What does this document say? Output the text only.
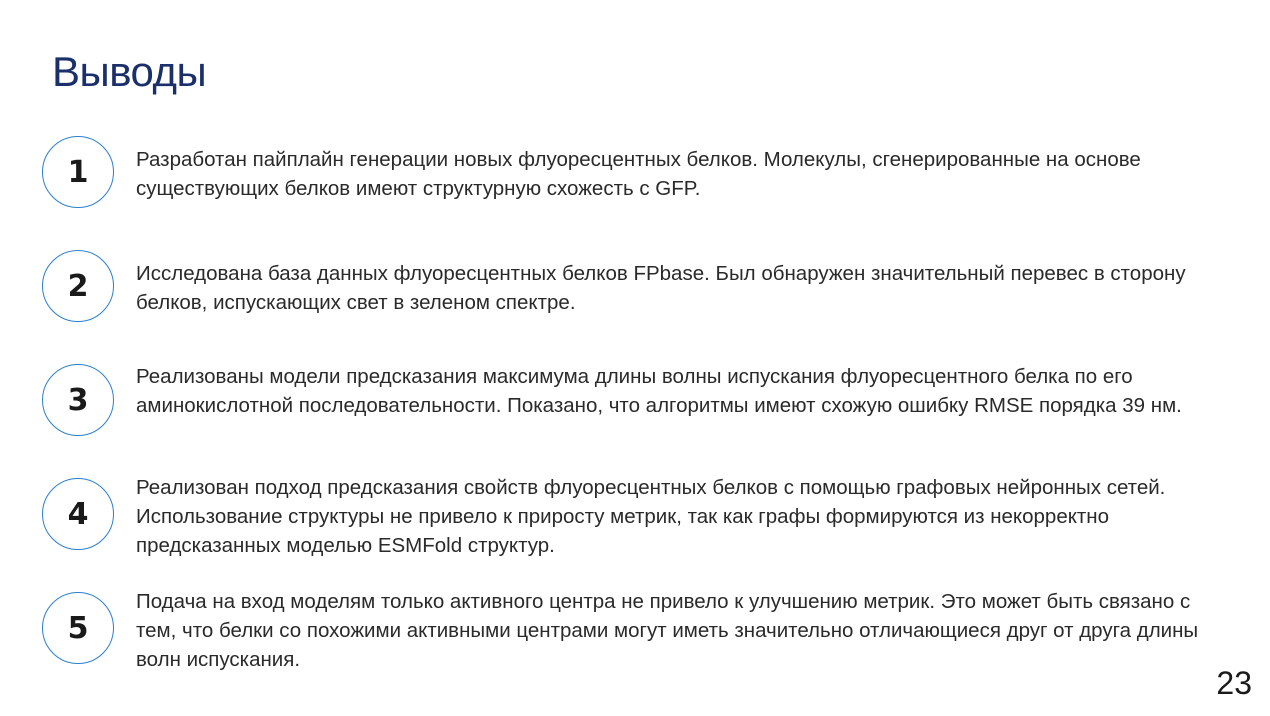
Выводы
1	Разработан пайплайн генерации новых флуоресцентных белков. Молекулы, сгенерированные на основе существующих белков имеют структурную схожесть с GFP.

2	Исследована база данных флуоресцентных белков FPbase. Был обнаружен значительный перевес в сторону белков, испускающих свет в зеленом спектре.

3

Реализованы модели предсказания максимума длины волны испускания флуоресцентного белка по его аминокислотной последовательности. Показано, что алгоритмы имеют схожую ошибку RMSE порядка 39 нм.

4

Реализован подход предсказания свойств флуоресцентных белков с помощью графовых нейронных сетей. Использование структуры не привело к приросту метрик, так как графы формируются из некорректно предсказанных моделью ESMFold структур.

5

Подача на вход моделям только активного центра не привело к улучшению метрик. Это может быть связано с тем, что белки со похожими активными центрами могут иметь значительно отличающиеся друг от друга длины волн испускания.

23
